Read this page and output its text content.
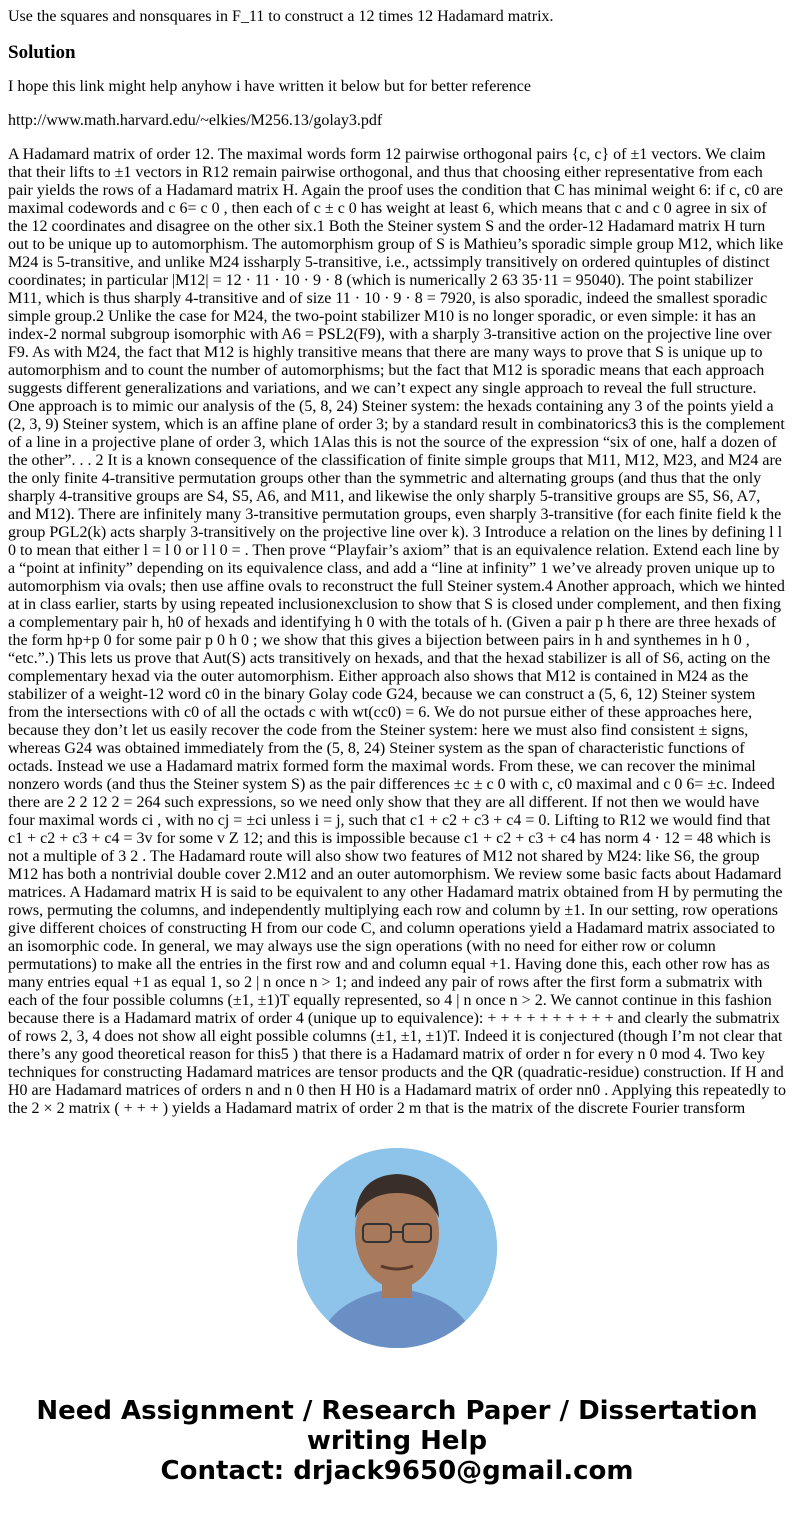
Use the squares and nonsquares in F_11 to construct a 12 times 12 Hadamard matrix.

Solution

I hope this link might help anyhow i have written it below but for better reference

http://www.math.harvard.edu/~elkies/M256.13/golay3.pdf

A Hadamard matrix of order 12. The maximal words form 12 pairwise orthogonal pairs {c, c} of ±1 vectors. We claim that their lifts to ±1 vectors in R12 remain pairwise orthogonal, and thus that choosing either representative from each pair yields the rows of a Hadamard matrix H. Again the proof uses the condition that C has minimal weight 6: if c, c0 are maximal codewords and c 6= c 0 , then each of c ± c 0 has weight at least 6, which means that c and c 0 agree in six of the 12 coordinates and disagree on the other six.1 Both the Steiner system S and the order-12 Hadamard matrix H turn out to be unique up to automorphism. The automorphism group of S is Mathieu’s sporadic simple group M12, which like M24 is 5-transitive, and unlike M24 issharply 5-transitive, i.e., actssimply transitively on ordered quintuples of distinct coordinates; in particular |M12| = 12 · 11 · 10 · 9 · 8 (which is numerically 2 63 35·11 = 95040). The point stabilizer M11, which is thus sharply 4-transitive and of size 11 · 10 · 9 · 8 = 7920, is also sporadic, indeed the smallest sporadic simple group.2 Unlike the case for M24, the two-point stabilizer M10 is no longer sporadic, or even simple: it has an index-2 normal subgroup isomorphic with A6 = PSL2(F9), with a sharply 3-transitive action on the projective line over F9. As with M24, the fact that M12 is highly transitive means that there are many ways to prove that S is unique up to automorphism and to count the number of automorphisms; but the fact that M12 is sporadic means that each approach suggests different generalizations and variations, and we can’t expect any single approach to reveal the full structure. One approach is to mimic our analysis of the (5, 8, 24) Steiner system: the hexads containing any 3 of the points yield a (2, 3, 9) Steiner system, which is an affine plane of order 3; by a standard result in combinatorics3 this is the complement of a line in a projective plane of order 3, which 1Alas this is not the source of the expression “six of one, half a dozen of the other”. . . 2 It is a known consequence of the classification of finite simple groups that M11, M12, M23, and M24 are the only finite 4-transitive permutation groups other than the symmetric and alternating groups (and thus that the only sharply 4-transitive groups are S4, S5, A6, and M11, and likewise the only sharply 5-transitive groups are S5, S6, A7, and M12). There are infinitely many 3-transitive permutation groups, even sharply 3-transitive (for each finite field k the group PGL2(k) acts sharply 3-transitively on the projective line over k). 3 Introduce a relation on the lines by defining l l 0 to mean that either l = l 0 or l l 0 = . Then prove “Playfair’s axiom” that is an equivalence relation. Extend each line by a “point at infinity” depending on its equivalence class, and add a “line at infinity” 1 we’ve already proven unique up to automorphism via ovals; then use affine ovals to reconstruct the full Steiner system.4 Another approach, which we hinted at in class earlier, starts by using repeated inclusionexclusion to show that S is closed under complement, and then fixing a complementary pair h, h0 of hexads and identifying h 0 with the totals of h. (Given a pair p h there are three hexads of the form hp+p 0 for some pair p 0 h 0 ; we show that this gives a bijection between pairs in h and synthemes in h 0 , “etc.”.) This lets us prove that Aut(S) acts transitively on hexads, and that the hexad stabilizer is all of S6, acting on the complementary hexad via the outer automorphism. Either approach also shows that M12 is contained in M24 as the stabilizer of a weight-12 word c0 in the binary Golay code G24, because we can construct a (5, 6, 12) Steiner system from the intersections with c0 of all the octads c with wt(cc0) = 6. We do not pursue either of these approaches here, because they don’t let us easily recover the code from the Steiner system: here we must also find consistent ± signs, whereas G24 was obtained immediately from the (5, 8, 24) Steiner system as the span of characteristic functions of octads. Instead we use a Hadamard matrix formed form the maximal words. From these, we can recover the minimal nonzero words (and thus the Steiner system S) as the pair differences ±c ± c 0 with c, c0 maximal and c 0 6= ±c. Indeed there are 2 2 12 2 = 264 such expressions, so we need only show that they are all different. If not then we would have four maximal words ci , with no cj = ±ci unless i = j, such that c1 + c2 + c3 + c4 = 0. Lifting to R12 we would find that c1 + c2 + c3 + c4 = 3v for some v Z 12; and this is impossible because c1 + c2 + c3 + c4 has norm 4 · 12 = 48 which is not a multiple of 3 2 . The Hadamard route will also show two features of M12 not shared by M24: like S6, the group M12 has both a nontrivial double cover 2.M12 and an outer automorphism. We review some basic facts about Hadamard matrices. A Hadamard matrix H is said to be equivalent to any other Hadamard matrix obtained from H by permuting the rows, permuting the columns, and independently multiplying each row and column by ±1. In our setting, row operations give different choices of constructing H from our code C, and column operations yield a Hadamard matrix associated to an isomorphic code. In general, we may always use the sign operations (with no need for either row or column permutations) to make all the entries in the first row and and column equal +1. Having done this, each other row has as many entries equal +1 as equal 1, so 2 | n once n > 1; and indeed any pair of rows after the first form a submatrix with each of the four possible columns (±1, ±1)T equally represented, so 4 | n once n > 2. We cannot continue in this fashion because there is a Hadamard matrix of order 4 (unique up to equivalence): + + + + + + + + + + and clearly the submatrix of rows 2, 3, 4 does not show all eight possible columns (±1, ±1, ±1)T. Indeed it is conjectured (though I’m not clear that there’s any good theoretical reason for this5 ) that there is a Hadamard matrix of order n for every n 0 mod 4. Two key techniques for constructing Hadamard matrices are tensor products and the QR (quadratic-residue) construction. If H and H0 are Hadamard matrices of orders n and n 0 then H H0 is a Hadamard matrix of order nn0 . Applying this repeatedly to the 2 × 2 matrix ( + + + ) yields a Hadamard matrix of order 2 m that is the matrix of the discrete Fourier transform

Need Assignment / Research Paper / Dissertation writing Help
Contact: drjack9650@gmail.com
